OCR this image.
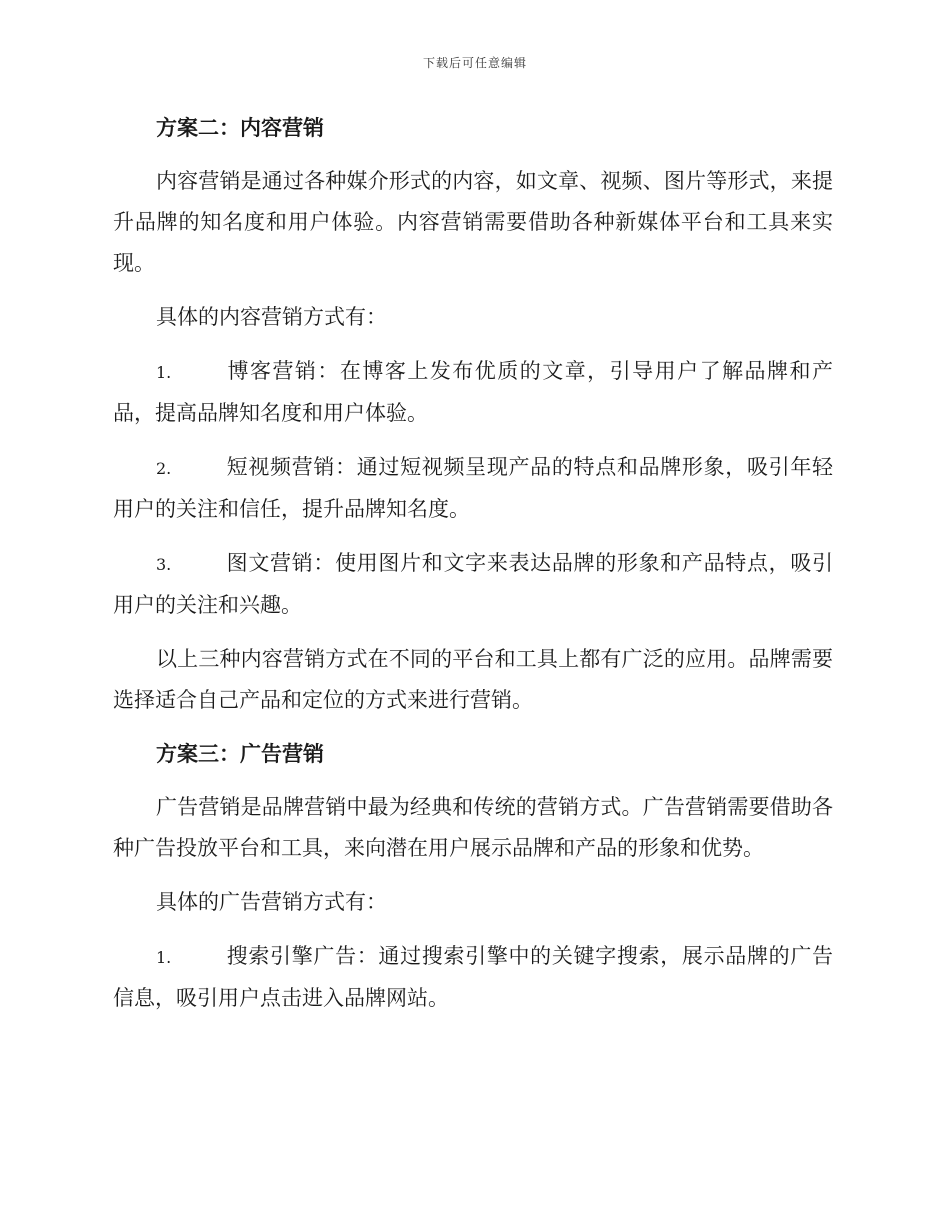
下载后可任意编辑
方案二：内容营销
内容营销是通过各种媒介形式的内容，如文章、视频、图片等形式，来提升品牌的知名度和用户体验。内容营销需要借助各种新媒体平台和工具来实现。
具体的内容营销方式有：
1.	博客营销：在博客上发布优质的文章，引导用户了解品牌和产品，提高品牌知名度和用户体验。
2.	短视频营销：通过短视频呈现产品的特点和品牌形象，吸引年轻用户的关注和信任，提升品牌知名度。
3.	图文营销：使用图片和文字来表达品牌的形象和产品特点，吸引用户的关注和兴趣。
以上三种内容营销方式在不同的平台和工具上都有广泛的应用。品牌需要选择适合自己产品和定位的方式来进行营销。
方案三：广告营销
广告营销是品牌营销中最为经典和传统的营销方式。广告营销需要借助各种广告投放平台和工具，来向潜在用户展示品牌和产品的形象和优势。
具体的广告营销方式有：
1.	搜索引擎广告：通过搜索引擎中的关键字搜索，展示品牌的广告信息，吸引用户点击进入品牌网站。
